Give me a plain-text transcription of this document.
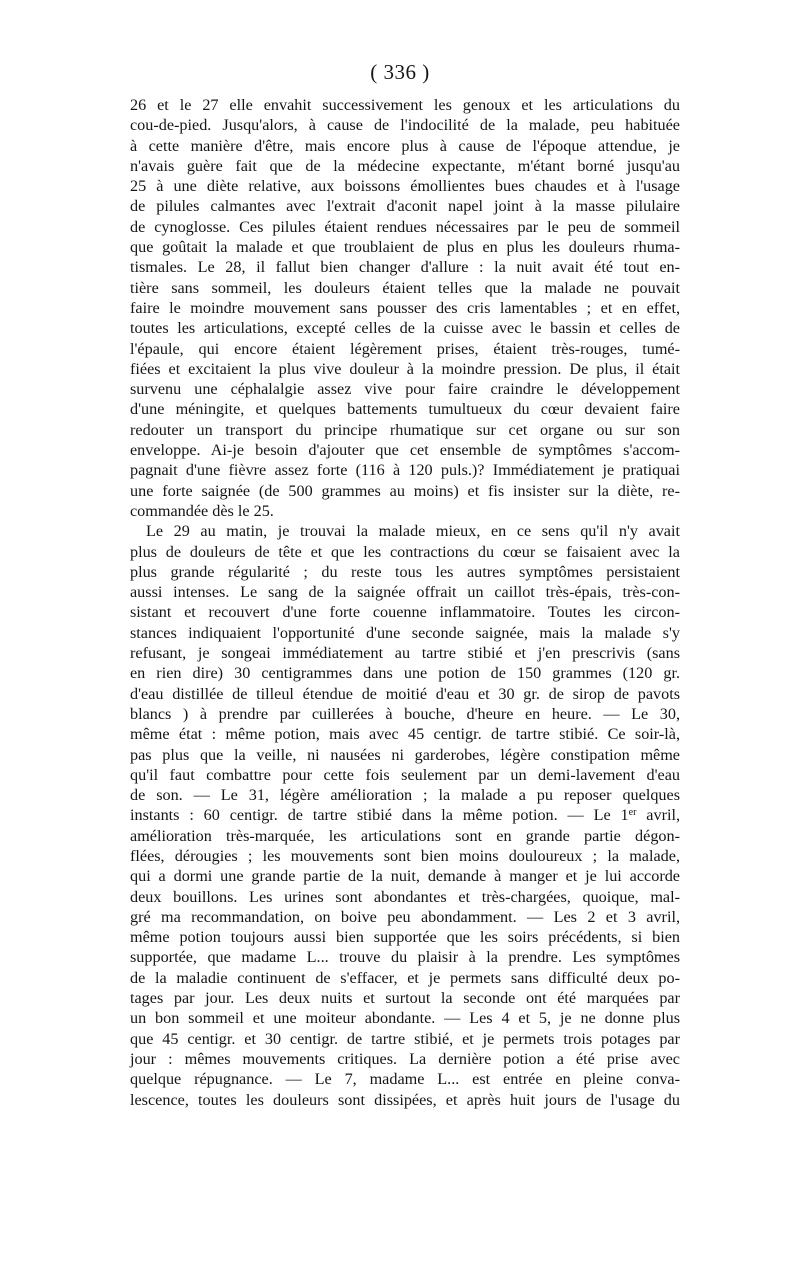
( 336 )
26 et le 27 elle envahit successivement les genoux et les articulations du
cou-de-pied. Jusqu'alors, à cause de l'indocilité de la malade, peu habituée
à cette manière d'être, mais encore plus à cause de l'époque attendue, je
n'avais guère fait que de la médecine expectante, m'étant borné jusqu'au
25 à une diète relative, aux boissons émollientes bues chaudes et à l'usage
de pilules calmantes avec l'extrait d'aconit napel joint à la masse pilulaire
de cynoglosse. Ces pilules étaient rendues nécessaires par le peu de sommeil
que goûtait la malade et que troublaient de plus en plus les douleurs rhuma-
tismales. Le 28, il fallut bien changer d'allure : la nuit avait été tout en-
tière sans sommeil, les douleurs étaient telles que la malade ne pouvait
faire le moindre mouvement sans pousser des cris lamentables ; et en effet,
toutes les articulations, excepté celles de la cuisse avec le bassin et celles de
l'épaule, qui encore étaient légèrement prises, étaient très-rouges, tumé-
fiées et excitaient la plus vive douleur à la moindre pression. De plus, il était
survenu une céphalalgie assez vive pour faire craindre le développement
d'une méningite, et quelques battements tumultueux du cœur devaient faire
redouter un transport du principe rhumatique sur cet organe ou sur son
enveloppe. Ai-je besoin d'ajouter que cet ensemble de symptômes s'accom-
pagnait d'une fièvre assez forte (116 à 120 puls.)? Immédiatement je pratiquai
une forte saignée (de 500 grammes au moins) et fis insister sur la diète, re-
commandée dès le 25.
Le 29 au matin, je trouvai la malade mieux, en ce sens qu'il n'y avait
plus de douleurs de tête et que les contractions du cœur se faisaient avec la
plus grande régularité ; du reste tous les autres symptômes persistaient
aussi intenses. Le sang de la saignée offrait un caillot très-épais, très-con-
sistant et recouvert d'une forte couenne inflammatoire. Toutes les circon-
stances indiquaient l'opportunité d'une seconde saignée, mais la malade s'y
refusant, je songeai immédiatement au tartre stibié et j'en prescrivis (sans
en rien dire) 30 centigrammes dans une potion de 150 grammes (120 gr.
d'eau distillée de tilleul étendue de moitié d'eau et 30 gr. de sirop de pavots
blancs ) à prendre par cuillerées à bouche, d'heure en heure. — Le 30,
même état : même potion, mais avec 45 centigr. de tartre stibié. Ce soir-là,
pas plus que la veille, ni nausées ni garderobes, légère constipation même
qu'il faut combattre pour cette fois seulement par un demi-lavement d'eau
de son. — Le 31, légère amélioration ; la malade a pu reposer quelques
instants : 60 centigr. de tartre stibié dans la même potion. — Le 1er avril,
amélioration très-marquée, les articulations sont en grande partie dégon-
flées, dérougies ; les mouvements sont bien moins douloureux ; la malade,
qui a dormi une grande partie de la nuit, demande à manger et je lui accorde
deux bouillons. Les urines sont abondantes et très-chargées, quoique, mal-
gré ma recommandation, on boive peu abondamment. — Les 2 et 3 avril,
même potion toujours aussi bien supportée que les soirs précédents, si bien
supportée, que madame L... trouve du plaisir à la prendre. Les symptômes
de la maladie continuent de s'effacer, et je permets sans difficulté deux po-
tages par jour. Les deux nuits et surtout la seconde ont été marquées par
un bon sommeil et une moiteur abondante. — Les 4 et 5, je ne donne plus
que 45 centigr. et 30 centigr. de tartre stibié, et je permets trois potages par
jour : mêmes mouvements critiques. La dernière potion a été prise avec
quelque répugnance. — Le 7, madame L... est entrée en pleine conva-
lescence, toutes les douleurs sont dissipées, et après huit jours de l'usage du
